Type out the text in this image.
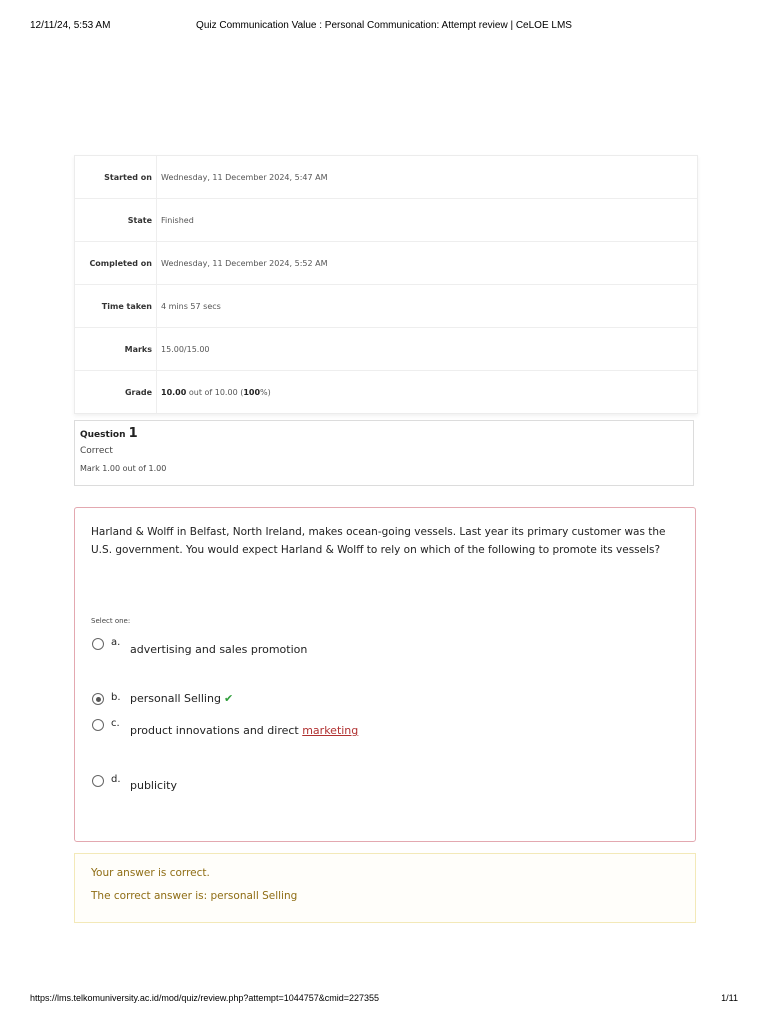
12/11/24, 5:53 AM	Quiz Communication Value : Personal Communication: Attempt review | CeLOE LMS
Started on	Wednesday, 11 December 2024, 5:47 AM
State	Finished
Completed on	Wednesday, 11 December 2024, 5:52 AM
Time taken	4 mins 57 secs
Marks	15.00/15.00
Grade	10.00 out of 10.00 (100%)
Question 1
Correct
Mark 1.00 out of 1.00
Harland & Wolff in Belfast, North Ireland, makes ocean-going vessels. Last year its primary customer was the U.S. government. You would expect Harland & Wolff to rely on which of the following to promote its vessels?
Select one:
a.
advertising and sales promotion
b. personall Selling ✔
c.
product innovations and direct marketing
d. publicity
Your answer is correct.
The correct answer is: personall Selling
https://lms.telkomuniversity.ac.id/mod/quiz/review.php?attempt=1044757&cmid=227355	1/11
